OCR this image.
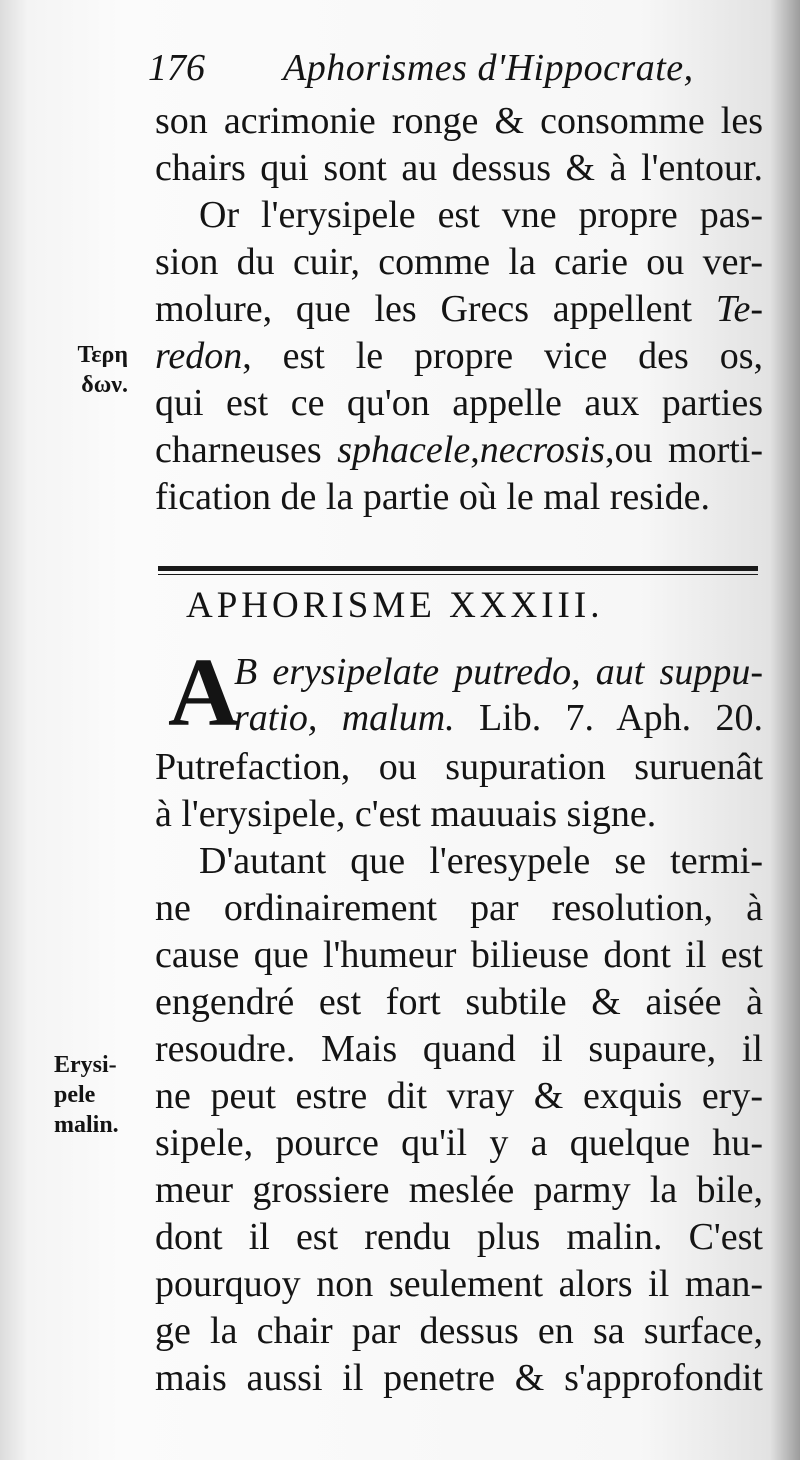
176 Aphorismes d'Hippocrate,
Τερη
δων.
son acrimonie ronge & consomme les
chairs qui sont au dessus & à l'entour.
Or l'erysipele est vne propre pas-
sion du cuir, comme la carie ou ver-
molure, que les Grecs appellent Te-
redon, est le propre vice des os,
qui est ce qu'on appelle aux parties
charneuses sphacele,necrosis,ou morti-
fication de la partie où le mal reside.
APHORISME XXXIII.
A
B erysipelate putredo, aut suppu-
ratio, malum. Lib. 7. Aph. 20.
Putrefaction, ou supuration suruenât
à l'erysipele, c'est mauuais signe.
Erysi-
pele
malin.
D'autant que l'eresypele se termi-
ne ordinairement par resolution, à
cause que l'humeur bilieuse dont il est
engendré est fort subtile & aisée à
resoudre. Mais quand il supaure, il
ne peut estre dit vray & exquis ery-
sipele, pource qu'il y a quelque hu-
meur grossiere meslée parmy la bile,
dont il est rendu plus malin. C'est
pourquoy non seulement alors il man-
ge la chair par dessus en sa surface,
mais aussi il penetre & s'approfondit
